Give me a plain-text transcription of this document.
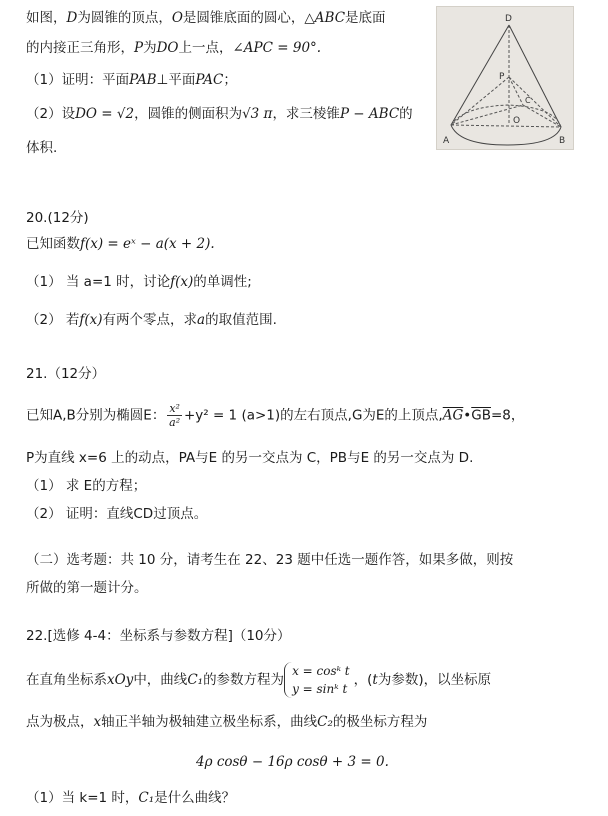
如图，D为圆锥的顶点，O是圆锥底面的圆心，△ABC是底面
的内接正三角形，P为DO上一点，∠APC = 90°.
（1）证明：平面PAB⊥平面PAC；
（2）设DO = √2，圆锥的侧面积为√3 π，求三棱锥P − ABC的
体积.
D
P
O
A	B
C
20.(12分)
已知函数f(x) = eˣ − a(x + 2).
（1） 当 a=1 时，讨论f(x)的单调性;
（2） 若f(x)有两个零点，求a的取值范围.
21.（12分）
已知A,B分别为椭圆E： $\frac{\text{x²}}{\text{a²}} +y^2 = 1$ (a>1)的左右顶点,G为E的上顶点$,\overline{AG}•\overline{GB}=8$，
P为直线 x=6 上的动点，PA与E 的另一交点为 C，PB与E 的另一交点为 D.
（1） 求 E的方程；
（2） 证明：直线CD过顶点。
（二）选考题：共 10 分，请考生在 22、23 题中任选一题作答，如果多做，则按
所做的第一题计分。
22.[选修 4-4：坐标系与参数方程]（10分）
在直角坐标系xOy中，曲线C₁的参数方程为
x = cosᵏ t
y = sinᵏ t
，(t为参数)，以坐标原
点为极点，x轴正半轴为极轴建立极坐标系，曲线C₂的极坐标方程为
4ρ cosθ − 16ρ cosθ + 3 = 0.
（1）当 k=1 时，C₁是什么曲线？
